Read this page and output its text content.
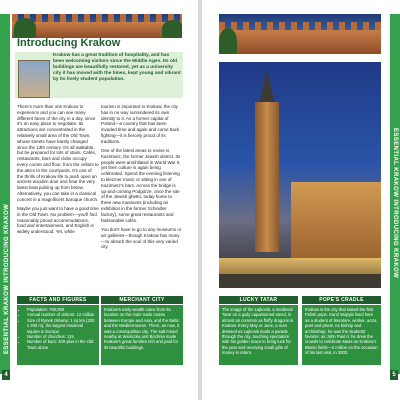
ESSENTIAL KRAKOW INTRODUCING KRAKOW
Introducing Krakow
Krakow has a great tradition of hospitality, and has been welcoming visitors since the Middle Ages. Its old buildings are beautifully restored, yet as a university city it has moved with the times, kept young and vibrant by its lively student population.

There's more than one Krakow to experience and you can see many different faces of the city in a day, since it's an easy place to negotiate. Its attractions are concentrated in the relatively small area of the Old Town, whose streets have barely changed since the 13th century. It's all walkable, but be prepared for lots of stairs. Cafés, restaurants, bars and clubs occupy every corner and floor, from the cellars to the attics to the courtyards. It's one of the thrills of Krakow life to push open an ancient wooden door and hear the very latest beat pulsing up from below. Alternatively, you can take in a classical concert in a magnificent baroque church.

Maybe you just want to have a good time in the Old Town. No problem—you'll find reasonably priced accommodations, food and entertainment, and English is widely understood. Yet, while

tourism is important to Krakow, the city has in no way surrendered its own identity to it. As a former capital of Poland—a country that has been invaded time and again and come back fighting—it is fiercely proud of its traditions.

One of the latest areas to revive is Kazimierz, the former Jewish district. Its people were annihilated in World War II, yet their culture is again being celebrated. Spend the evening listening to klezmer music or sitting in one of Kazimierz's bars. Across the bridge is up-and-coming Podgórze, once the site of the Jewish ghetto, today home to three new museums (including an exhibition in the former Schindler factory), some great restaurants and fashionable cafés.

You don't have to go to any museums or art galleries—though Krakow has many—to absorb the soul of this very varied city.

FACTS AND FIGURES
• Population: 760,000
• Annual number of visitors: 12 million
• Size of Rynek Główny: 1 sq km (200 x 200 m), the largest medieval square in Europe
• Number of churches: 119
• Number of bars: 400-plus in the Old Town alone
MERCHANT CITY
Krakow's early wealth came from its location on the main trade routes between Europe and Asia, and the Baltic and the Mediterranean. There, as now, it was a cosmopolitan city. The salt mined nearby at Wieliczka and Bochnia made Krakow's great families rich and paid for its beautiful buildings.
4
ESSENTIAL KRAKOW INTRODUCING KRAKOW
LUCKY TATAR
The image of the Lajkonik, a medieval Tatar on a gaily caparisoned steed, is almost as common as fluffy dragons in Krakow. Every May or June, a man dressed as Lajkonik leads a parade through the city, touching spectators with his golden mace to bring luck for the year and receiving small gifts of money in return.
POPE'S CRADLE
Krakow is the city that raised the first Polish pope. Karol Wojtyła lived here as a student of literature, worker, actor, poet and priest. As bishop and archbishop, he was the students' favorite; as John Paul II, he drew the crowds to celebrate Mass on Krakow's Błonia fields—2 million on the occasion of his last visit, in 2002.
5
